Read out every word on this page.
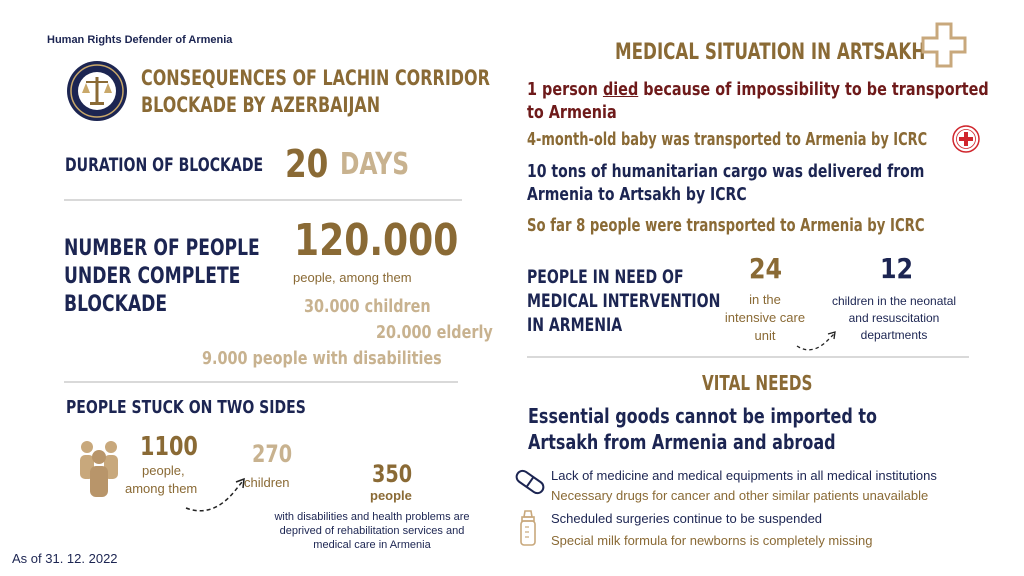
Human Rights Defender of Armenia
CONSEQUENCES OF LACHIN CORRIDOR
BLOCKADE BY AZERBAIJAN
DURATION OF BLOCKADE 20 DAYS
NUMBER OF PEOPLE
UNDER COMPLETE
BLOCKADE
120.000
people, among them
30.000 children
20.000 elderly
9.000 people with disabilities
PEOPLE STUCK ON TWO SIDES
1100
people,
among them
270
children	350
people
with disabilities and health problems are
deprived of rehabilitation services and
medical care in Armenia
As of 31. 12. 2022
MEDICAL SITUATION IN ARTSAKH
1 person died because of impossibility to be transported
to Armenia
4-month-old baby was transported to Armenia by ICRC
10 tons of humanitarian cargo was delivered from
Armenia to Artsakh by ICRC
So far 8 people were transported to Armenia by ICRC
PEOPLE IN NEED OF
MEDICAL INTERVENTION
IN ARMENIA
24
in the
intensive care
unit
12
children in the neonatal
and resuscitation
departments
VITAL NEEDS
Essential goods cannot be imported to
Artsakh from Armenia and abroad
Lack of medicine and medical equipments in all medical institutions
Necessary drugs for cancer and other similar patients unavailable
Scheduled surgeries continue to be suspended
Special milk formula for newborns is completely missing
